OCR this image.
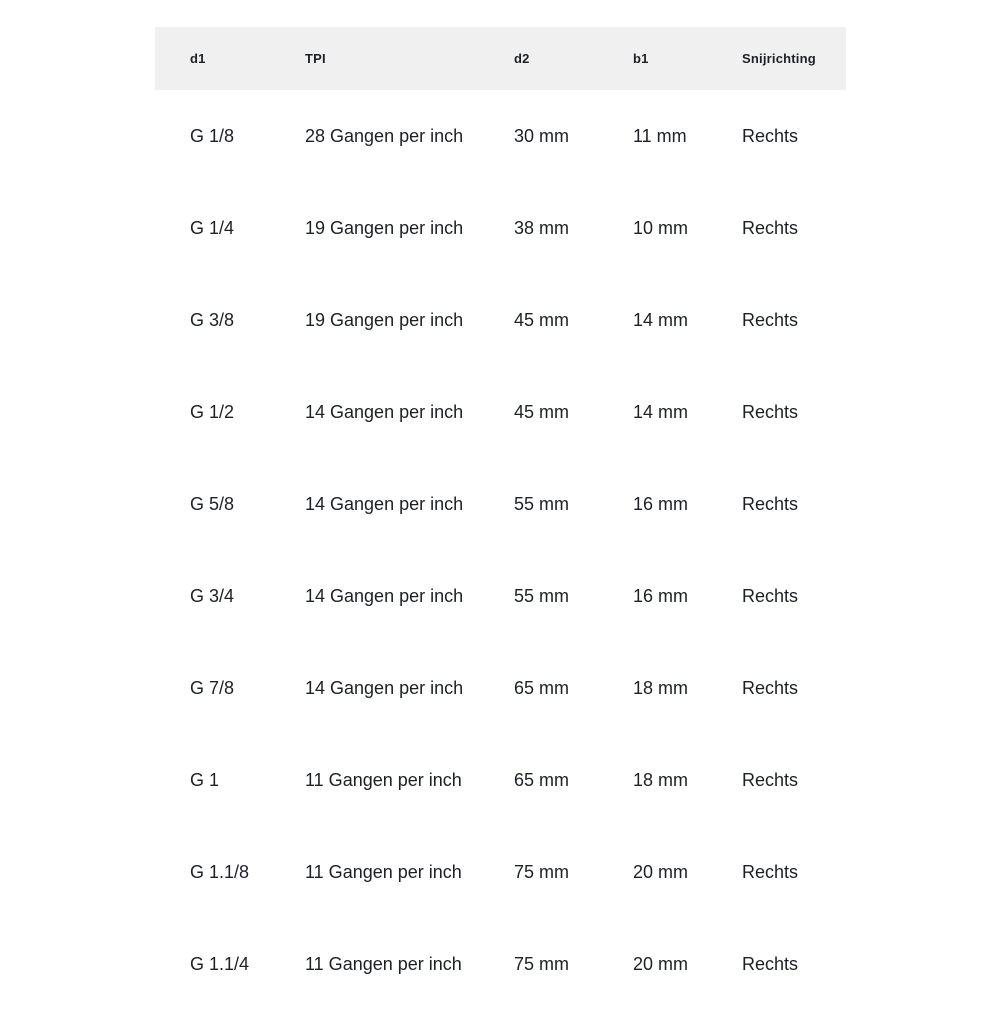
d1	TPI	d2	b1	Snijrichting
G 1/8	28 Gangen per inch	30 mm	11 mm	Rechts
G 1/4	19 Gangen per inch	38 mm	10 mm	Rechts
G 3/8	19 Gangen per inch	45 mm	14 mm	Rechts
G 1/2	14 Gangen per inch	45 mm	14 mm	Rechts
G 5/8	14 Gangen per inch	55 mm	16 mm	Rechts
G 3/4	14 Gangen per inch	55 mm	16 mm	Rechts
G 7/8	14 Gangen per inch	65 mm	18 mm	Rechts
G 1	11 Gangen per inch	65 mm	18 mm	Rechts
G 1.1/8	11 Gangen per inch	75 mm	20 mm	Rechts
G 1.1/4	11 Gangen per inch	75 mm	20 mm	Rechts
